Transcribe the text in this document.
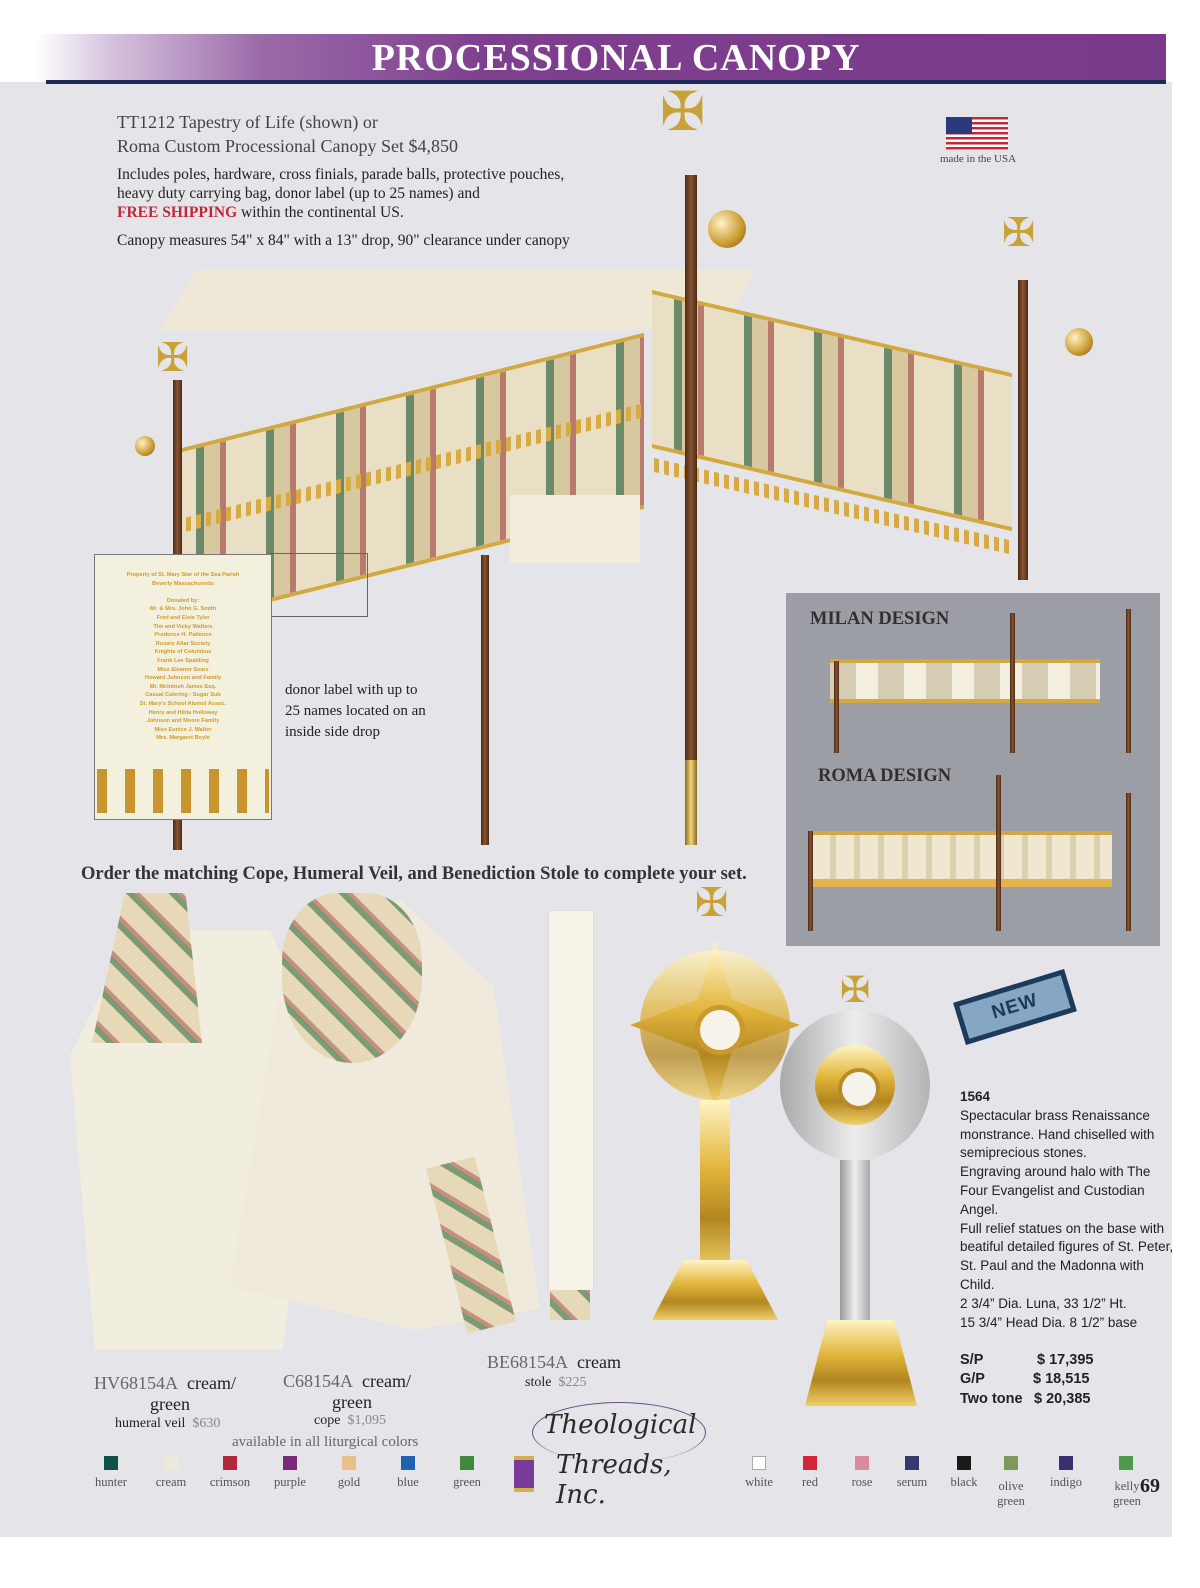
PROCESSIONAL CANOPY
✠
✠
✠
TT1212 Tapestry of Life (shown) or
Roma Custom Processional Canopy Set $4,850
Includes poles, hardware, cross finials, parade balls, protective pouches,
heavy duty carrying bag, donor label (up to 25 names) and
FREE SHIPPING within the continental US.
Canopy measures 54" x 84" with a 13" drop, 90" clearance under canopy
made in the USA
Property of St. Mary Star of the Sea Parish
Beverly Massachusetts

Donated by:
Mr. & Mrs. John G. Smith
Fred and Elsie Tyler
Tim and Vicky Walters
Prudence H. Patience
Rosary Altar Society
Knights of Columbus
Frank Lee Spalding
Miss Eleanor Sears
Howard Johnson and Family
Mr. McIntosh James Esq.
Casual Catering - Sugar Sub
St. Mary's School Alumni Assoc.
Henry and Hilda Holloway
Johnson and Moore Family
Miss Eunice J. Walter
Mrs. Margaret Boyle
donor label with up to
25 names located on an
inside side drop
MILAN DESIGN
ROMA DESIGN
Order the matching Cope, Humeral Veil, and Benediction Stole to complete your set.
✠
✠	NEW
1564
Spectacular brass Renaissance monstrance. Hand chiselled with semiprecious stones.
Engraving around halo with The Four Evangelist and Custodian Angel.
Full relief statues on the base with beatiful detailed figures of St. Peter, St. Paul and the Madonna with Child.
2 3/4” Dia. Luna, 33 1/2” Ht.
15 3/4” Head Dia. 8 1/2” base
S/P	$ 17,395
G/P	$ 18,515
Two tone $ 20,385
HV68154A cream/
green
humeral veil $630
C68154A cream/
green
cope $1,095
BE68154A cream
stole $225
available in all liturgical colors
hunter	cream	crimson	purple	gold	blue	green
Theological
Threads, Inc.	white	red	rose	serum	black	olive
green
indigo	kelly
green
69
